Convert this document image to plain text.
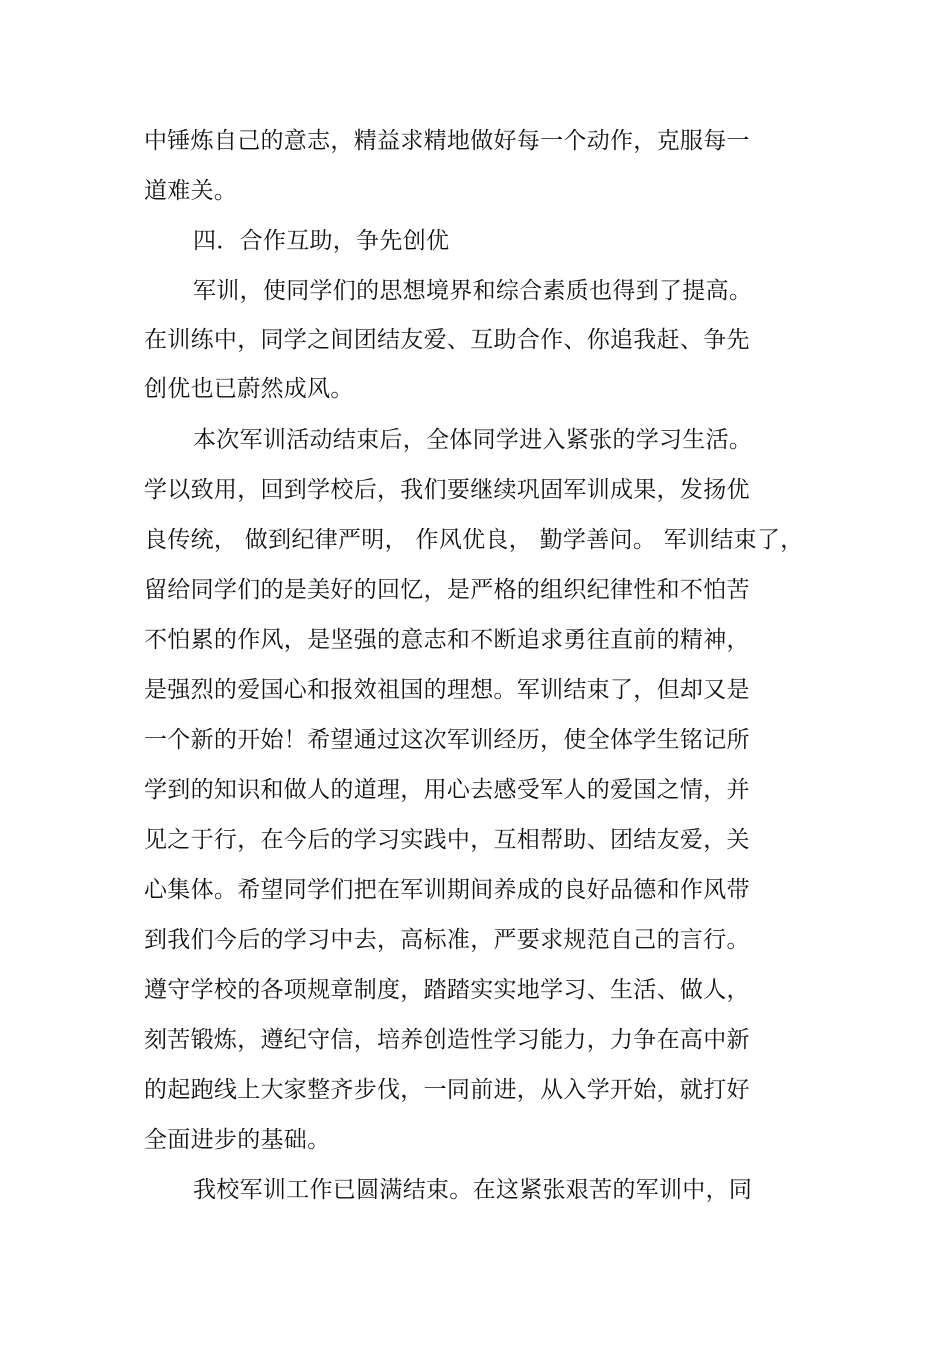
中锤炼自己的意志，精益求精地做好每一个动作，克服每一
道难关。
四．合作互助，争先创优
军训，使同学们的思想境界和综合素质也得到了提高。
在训练中，同学之间团结友爱、互助合作、你追我赶、争先
创优也已蔚然成风。
本次军训活动结束后，全体同学进入紧张的学习生活。
学以致用，回到学校后，我们要继续巩固军训成果，发扬优
良传统， 做到纪律严明， 作风优良， 勤学善问。 军训结束了，
留给同学们的是美好的回忆，是严格的组织纪律性和不怕苦
不怕累的作风，是坚强的意志和不断追求勇往直前的精神，
是强烈的爱国心和报效祖国的理想。军训结束了，但却又是
一个新的开始！希望通过这次军训经历，使全体学生铭记所
学到的知识和做人的道理，用心去感受军人的爱国之情，并
见之于行，在今后的学习实践中，互相帮助、团结友爱，关
心集体。希望同学们把在军训期间养成的良好品德和作风带
到我们今后的学习中去，高标准，严要求规范自己的言行。
遵守学校的各项规章制度，踏踏实实地学习、生活、做人，
刻苦锻炼，遵纪守信，培养创造性学习能力，力争在高中新
的起跑线上大家整齐步伐，一同前进，从入学开始，就打好
全面进步的基础。
我校军训工作已圆满结束。在这紧张艰苦的军训中，同
